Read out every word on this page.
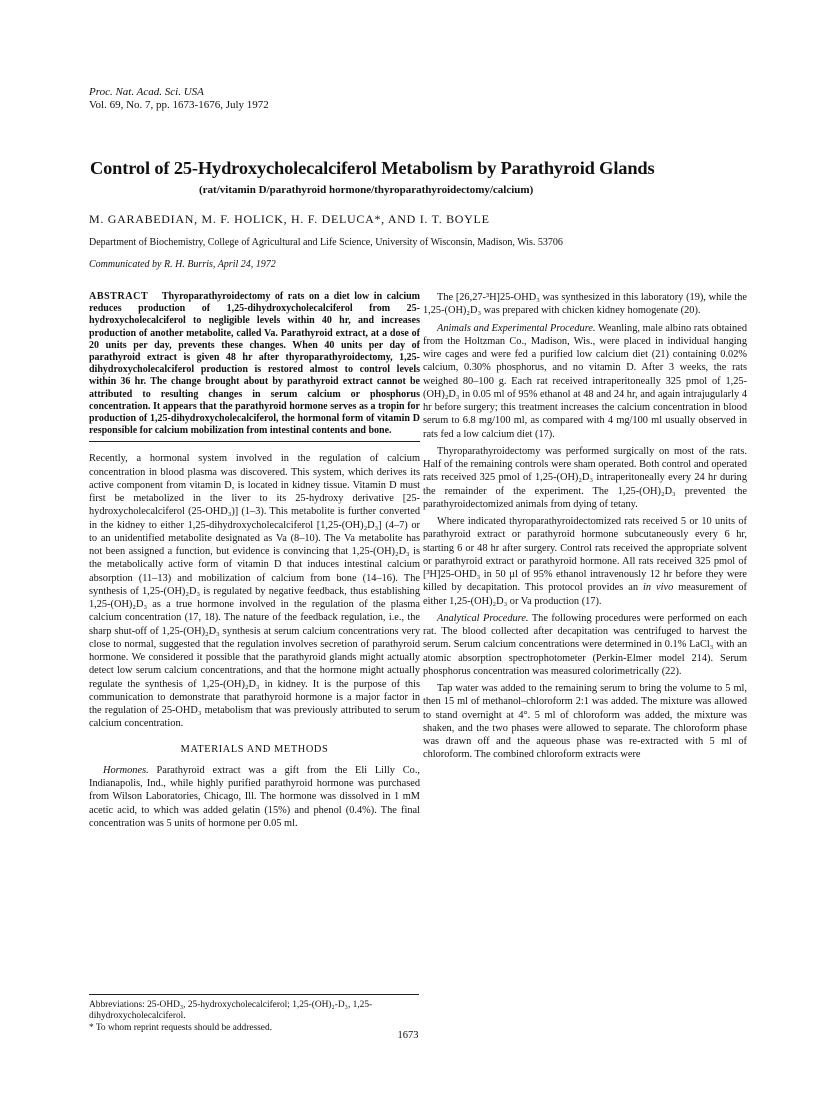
Proc. Nat. Acad. Sci. USA
Vol. 69, No. 7, pp. 1673-1676, July 1972
Control of 25-Hydroxycholecalciferol Metabolism by Parathyroid Glands
(rat/vitamin D/parathyroid hormone/thyroparathyroidectomy/calcium)
M. GARABEDIAN, M. F. HOLICK, H. F. DELUCA*, AND I. T. BOYLE
Department of Biochemistry, College of Agricultural and Life Science, University of Wisconsin, Madison, Wis. 53706
Communicated by R. H. Burris, April 24, 1972

ABSTRACT Thyroparathyroidectomy of rats on a diet low in calcium reduces production of 1,25-dihydroxycholecalciferol from 25-hydroxycholecalciferol to negligible levels within 40 hr, and increases production of another metabolite, called Va. Parathyroid extract, at a dose of 20 units per day, prevents these changes. When 40 units per day of parathyroid extract is given 48 hr after thyroparathyroidectomy, 1,25-dihydroxycholecalciferol production is restored almost to control levels within 36 hr. The change brought about by parathyroid extract cannot be attributed to resulting changes in serum calcium or phosphorus concentration. It appears that the parathyroid hormone serves as a tropin for production of 1,25-dihydroxycholecalciferol, the hormonal form of vitamin D responsible for calcium mobilization from intestinal contents and bone.

Recently, a hormonal system involved in the regulation of calcium concentration in blood plasma was discovered. This system, which derives its active component from vitamin D, is located in kidney tissue. Vitamin D must first be metabolized in the liver to its 25-hydroxy derivative [25-hydroxycholecalciferol (25-OHD₃)] (1–3). This metabolite is further converted in the kidney to either 1,25-dihydroxycholecalciferol [1,25-(OH)₂D₃] (4–7) or to an unidentified metabolite designated as Va (8–10). The Va metabolite has not been assigned a function, but evidence is convincing that 1,25-(OH)₂D₃ is the metabolically active form of vitamin D that induces intestinal calcium absorption (11–13) and mobilization of calcium from bone (14–16). The synthesis of 1,25-(OH)₂D₃ is regulated by negative feedback, thus establishing 1,25-(OH)₂D₃ as a true hormone involved in the regulation of the plasma calcium concentration (17, 18). The nature of the feedback regulation, i.e., the sharp shut-off of 1,25-(OH)₂D₃ synthesis at serum calcium concentrations very close to normal, suggested that the regulation involves secretion of parathyroid hormone. We considered it possible that the parathyroid glands might actually detect low serum calcium concentrations, and that the hormone might actually regulate the synthesis of 1,25-(OH)₂D₃ in kidney. It is the purpose of this communication to demonstrate that parathyroid hormone is a major factor in the regulation of 25-OHD₃ metabolism that was previously attributed to serum calcium concentration.

MATERIALS AND METHODS

Hormones. Parathyroid extract was a gift from the Eli Lilly Co., Indianapolis, Ind., while highly purified parathyroid hormone was purchased from Wilson Laboratories, Chicago, Ill. The hormone was dissolved in 1 mM acetic acid, to which was added gelatin (15%) and phenol (0.4%). The final concentration was 5 units of hormone per 0.05 ml.

The [26,27-³H]25-OHD₃ was synthesized in this laboratory (19), while the 1,25-(OH)₂D₃ was prepared with chicken kidney homogenate (20).

Animals and Experimental Procedure. Weanling, male albino rats obtained from the Holtzman Co., Madison, Wis., were placed in individual hanging wire cages and were fed a purified low calcium diet (21) containing 0.02% calcium, 0.30% phosphorus, and no vitamin D. After 3 weeks, the rats weighed 80–100 g. Each rat received intraperitoneally 325 pmol of 1,25-(OH)₂D₃ in 0.05 ml of 95% ethanol at 48 and 24 hr, and again intrajugularly 4 hr before surgery; this treatment increases the calcium concentration in blood serum to 6.8 mg/100 ml, as compared with 4 mg/100 ml usually observed in rats fed a low calcium diet (17).

Thyroparathyroidectomy was performed surgically on most of the rats. Half of the remaining controls were sham operated. Both control and operated rats received 325 pmol of 1,25-(OH)₂D₃ intraperitoneally every 24 hr during the remainder of the experiment. The 1,25-(OH)₂D₃ prevented the parathyroidectomized animals from dying of tetany.

Where indicated thyroparathyroidectomized rats received 5 or 10 units of parathyroid extract or parathyroid hormone subcutaneously every 6 hr, starting 6 or 48 hr after surgery. Control rats received the appropriate solvent or parathyroid extract or parathyroid hormone. All rats received 325 pmol of [³H]25-OHD₃ in 50 µl of 95% ethanol intravenously 12 hr before they were killed by decapitation. This protocol provides an in vivo measurement of either 1,25-(OH)₂D₃ or Va production (17).

Analytical Procedure. The following procedures were performed on each rat. The blood collected after decapitation was centrifuged to harvest the serum. Serum calcium concentrations were determined in 0.1% LaCl₃ with an atomic absorption spectrophotometer (Perkin-Elmer model 214). Serum phosphorus concentration was measured colorimetrically (22).

Tap water was added to the remaining serum to bring the volume to 5 ml, then 15 ml of methanol–chloroform 2:1 was added. The mixture was allowed to stand overnight at 4°. 5 ml of chloroform was added, the mixture was shaken, and the two phases were allowed to separate. The chloroform phase was drawn off and the aqueous phase was re-extracted with 5 ml of chloroform. The combined chloroform extracts were

Abbreviations: 25-OHD₃, 25-hydroxycholecalciferol; 1,25-(OH)₂-D₃, 1,25-dihydroxycholecalciferol.

* To whom reprint requests should be addressed.

1673
